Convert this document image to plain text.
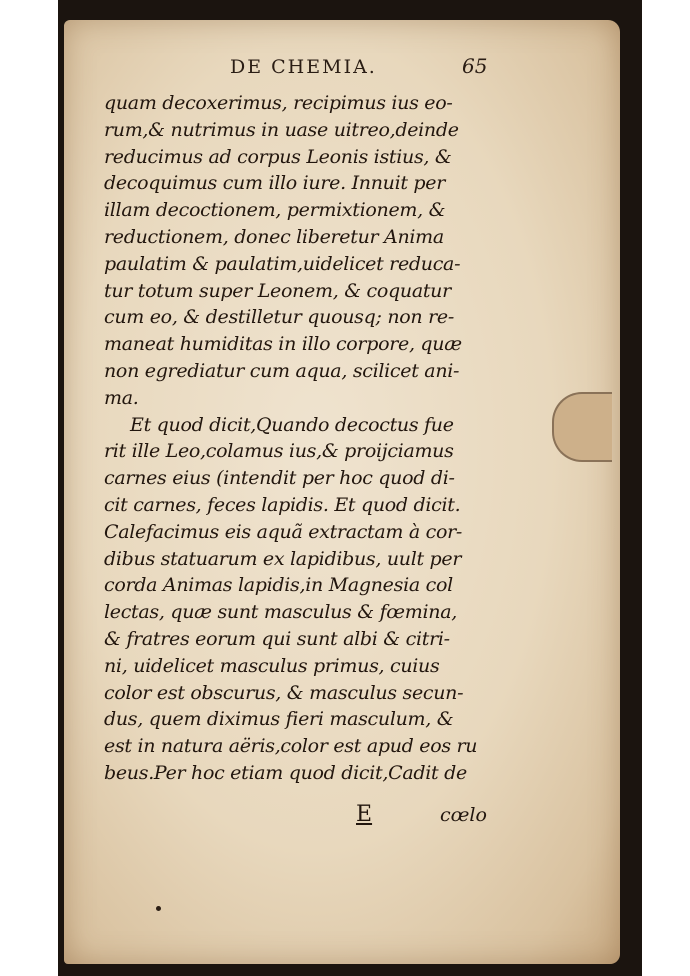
DE CHEMIA.	65
quam decoxerimus, recipimus ius eo-
rum,& nutrimus in uase uitreo,deinde
reducimus ad corpus Leonis istius, &
decoquimus cum illo iure. Innuit per
illam decoctionem, permixtionem, &
reductionem, donec liberetur Anima
paulatim & paulatim,uidelicet reduca-
tur totum super Leonem, & coquatur
cum eo, & destilletur quousq; non re-
maneat humiditas in illo corpore, quæ
non egrediatur cum aqua, scilicet ani-
ma.
Et quod dicit,Quando decoctus fue
rit ille Leo,colamus ius,& proijciamus
carnes eius (intendit per hoc quod di-
cit carnes, feces lapidis. Et quod dicit.
Calefacimus eis aquã extractam à cor-
dibus statuarum ex lapidibus, uult per
corda Animas lapidis,in Magnesia col
lectas, quæ sunt masculus & fœmina,
& fratres eorum qui sunt albi & citri-
ni, uidelicet masculus primus, cuius
color est obscurus, & masculus secun-
dus, quem diximus fieri masculum, &
est in natura aëris,color est apud eos ru
beus.Per hoc etiam quod dicit,Cadit de
E	cœlo
